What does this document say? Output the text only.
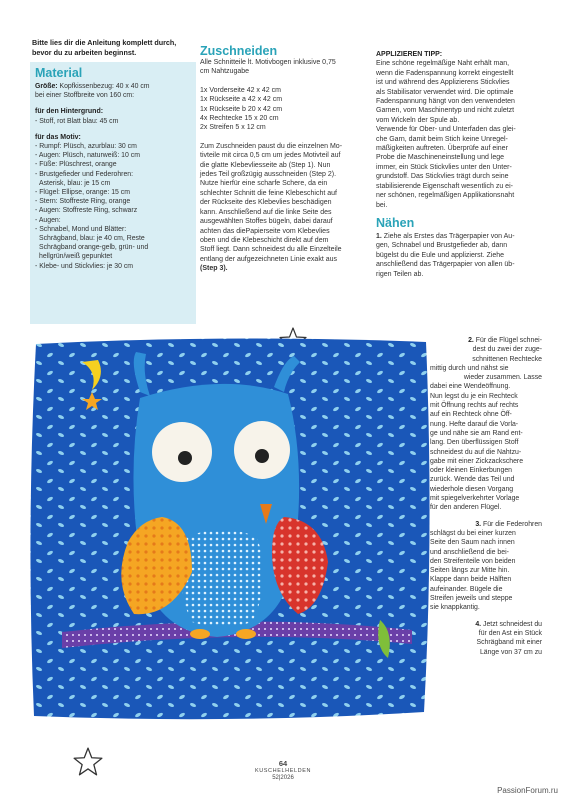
Bitte lies dir die Anleitung komplett durch,
bevor du zu arbeiten beginnst.
Material

Größe: Kopfkissenbezug: 40 x 40 cm

bei einer Stoffbreite von 160 cm:

für den Hintergrund:

- Stoff, rot Blatt blau: 45 cm

für das Motiv:

- Rumpf: Plüsch, azurblau: 30 cm

- Augen: Plüsch, naturweiß: 10 cm

- Füße: Plüschrest, orange

- Brustgefieder und Federohren:

Asterisk, blau: je 15 cm

- Flügel: Ellipse, orange: 15 cm

- Stern: Stoffreste Ring, orange

- Augen: Stoffreste Ring, schwarz

- Augen:

- Schnabel, Mond und Blätter:

Schrägband, blau: je 40 cm, Reste

Schrägband orange-gelb, grün- und

hellgrün/weiß gepunktet

- Klebe- und Stickvlies: je 30 cm

Zuschneiden

Alle Schnitteile lt. Motivbogen inklusive 0,75

cm Nahtzugabe

1x Vorderseite 42 x 42 cm

1x Rückseite a 42 x 42 cm

1x Rückseite b 20 x 42 cm

4x Rechtecke 15 x 20 cm

2x Streifen 5 x 12 cm

Zum Zuschneiden paust du die einzelnen Mo-

tivteile mit circa 0,5 cm um jedes Motivteil auf

die glatte Klebevliesseite ab (Step 1). Nun

jedes Teil großzügig ausschneiden (Step 2).

Nutze hierfür eine scharfe Schere, da ein

schlechter Schnitt die feine Klebeschicht auf

der Rückseite des Klebevlies beschädigen

kann. Anschließend auf die linke Seite des

ausgewählten Stoffes bügeln, dabei darauf

achten das diePapierseite vom Klebevlies

oben und die Klebeschicht direkt auf dem

Stoff liegt. Dann schneidest du alle Einzelteile

entlang der aufgezeichneten Linie exakt aus

(Step 3).

APPLIZIEREN TIPP:

Eine schöne regelmäßige Naht erhält man,

wenn die Fadenspannung korrekt eingestellt

ist und während des Applizierens Stickvlies

als Stabilisator verwendet wird. Die optimale

Fadenspannung hängt von den verwendeten

Garnen, vom Maschinentyp und nicht zuletzt

vom Wickeln der Spule ab.

Verwende für Ober- und Unterfaden das glei-

che Garn, damit beim Stich keine Unregel-

mäßigkeiten auftreten. Überprüfe auf einer

Probe die Maschineneinstellung und lege

immer, ein Stück Stickvlies unter den Unter-

grundstoff. Das Stickvlies trägt durch seine

stabilisierende Eigenschaft wesentlich zu ei-

ner schönen, regelmäßigen Applikationsnaht

bei.

Nähen

1. Ziehe als Erstes das Trägerpapier von Au-

gen, Schnabel und Brustgefieder ab, dann

bügelst du die Eule und applizierst. Ziehe

anschließend das Trägerpapier von allen üb-

rigen Teilen ab.

2. Für die Flügel schnei-
dest du zwei der zuge-
schnittenen Rechtecke
mittig durch und nähst sie
wieder zusammen. Lasse
dabei eine Wendeöffnung.
Nun legst du je ein Rechteck
mit Öffnung rechts auf rechts
auf ein Rechteck ohne Öff-
nung. Hefte darauf die Vorla-
ge und nähe sie am Rand ent-
lang. Den überflüssigen Stoff
schneidest du auf die Nahtzu-
gabe mit einer Zickzackschere
oder kleinen Einkerbungen
zurück. Wende das Teil und
wiederhole diesen Vorgang
mit spiegelverkehrter Vorlage
für den anderen Flügel.
3. Für die Federohren
schlägst du bei einer kurzen
Seite den Saum nach innen
und anschließend die bei-
den Streifenteile von beiden
Seiten längs zur Mitte hin.
Klappe dann beide Hälften
aufeinander. Bügele die
Streifen jeweils und steppe
sie knappkantig.
4. Jetzt schneidest du
für den Ast ein Stück
Schrägband mit einer
Länge von 37 cm zu
64
KUSCHELHELDEN
52|2026
PassionForum.ru
